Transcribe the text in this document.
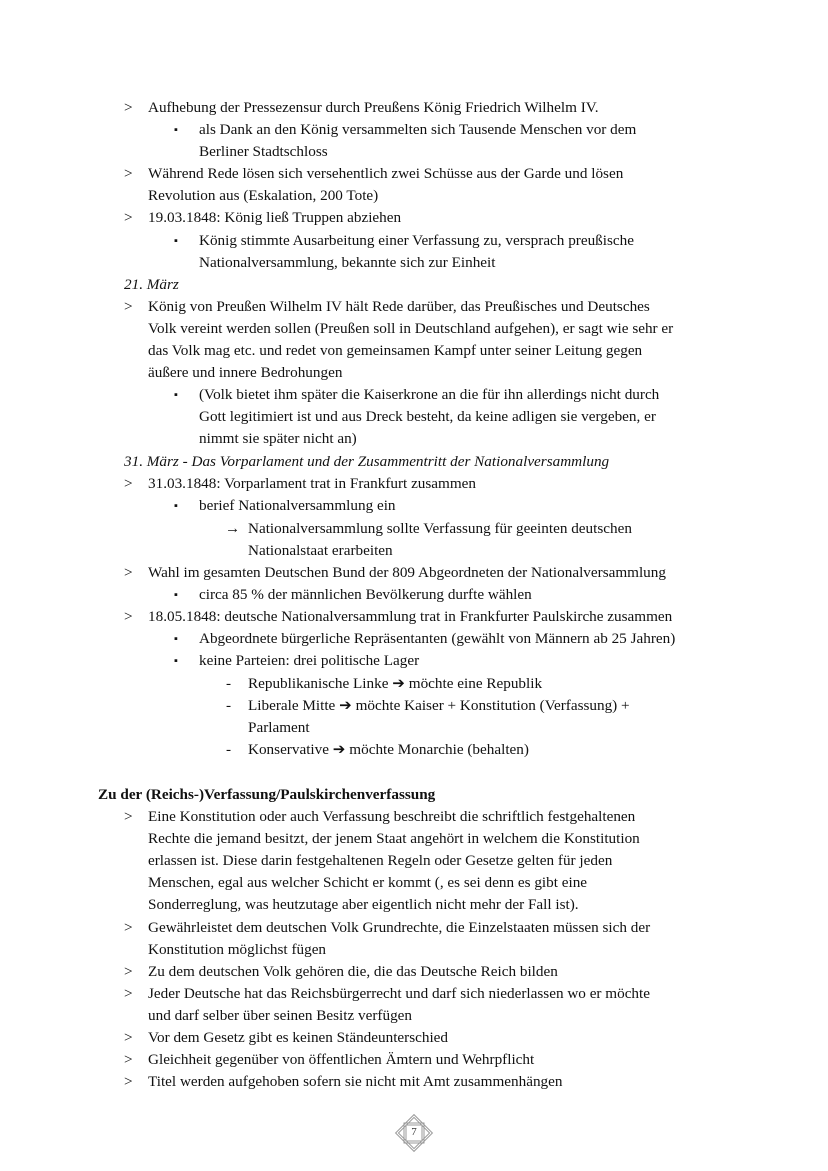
> Aufhebung der Pressezensur durch Preußens König Friedrich Wilhelm IV.
▪ als Dank an den König versammelten sich Tausende Menschen vor dem
Berliner Stadtschloss
> Während Rede lösen sich versehentlich zwei Schüsse aus der Garde und lösen
Revolution aus (Eskalation, 200 Tote)
> 19.03.1848: König ließ Truppen abziehen
▪ König stimmte Ausarbeitung einer Verfassung zu, versprach preußische
Nationalversammlung, bekannte sich zur Einheit
21. März
> König von Preußen Wilhelm IV hält Rede darüber, das Preußisches und Deutsches
Volk vereint werden sollen (Preußen soll in Deutschland aufgehen), er sagt wie sehr er
das Volk mag etc. und redet von gemeinsamen Kampf unter seiner Leitung gegen
äußere und innere Bedrohungen
▪ (Volk bietet ihm später die Kaiserkrone an die für ihn allerdings nicht durch
Gott legitimiert ist und aus Dreck besteht, da keine adligen sie vergeben, er
nimmt sie später nicht an)
31. März - Das Vorparlament und der Zusammentritt der Nationalversammlung
> 31.03.1848: Vorparlament trat in Frankfurt zusammen
▪ berief Nationalversammlung ein
→ Nationalversammlung sollte Verfassung für geeinten deutschen
Nationalstaat erarbeiten
> Wahl im gesamten Deutschen Bund der 809 Abgeordneten der Nationalversammlung
▪ circa 85 % der männlichen Bevölkerung durfte wählen
> 18.05.1848: deutsche Nationalversammlung trat in Frankfurter Paulskirche zusammen
▪ Abgeordnete bürgerliche Repräsentanten (gewählt von Männern ab 25 Jahren)
▪ keine Parteien: drei politische Lager
- Republikanische Linke ➔ möchte eine Republik
- Liberale Mitte ➔ möchte Kaiser + Konstitution (Verfassung) +
Parlament
- Konservative ➔ möchte Monarchie (behalten)
Zu der (Reichs-)Verfassung/Paulskirchenverfassung
> Eine Konstitution oder auch Verfassung beschreibt die schriftlich festgehaltenen
Rechte die jemand besitzt, der jenem Staat angehört in welchem die Konstitution
erlassen ist. Diese darin festgehaltenen Regeln oder Gesetze gelten für jeden
Menschen, egal aus welcher Schicht er kommt (, es sei denn es gibt eine
Sonderreglung, was heutzutage aber eigentlich nicht mehr der Fall ist).
> Gewährleistet dem deutschen Volk Grundrechte, die Einzelstaaten müssen sich der
Konstitution möglichst fügen
> Zu dem deutschen Volk gehören die, die das Deutsche Reich bilden
> Jeder Deutsche hat das Reichsbürgerrecht und darf sich niederlassen wo er möchte
und darf selber über seinen Besitz verfügen
> Vor dem Gesetz gibt es keinen Ständeunterschied
> Gleichheit gegenüber von öffentlichen Ämtern und Wehrpflicht
> Titel werden aufgehoben sofern sie nicht mit Amt zusammenhängen
7
